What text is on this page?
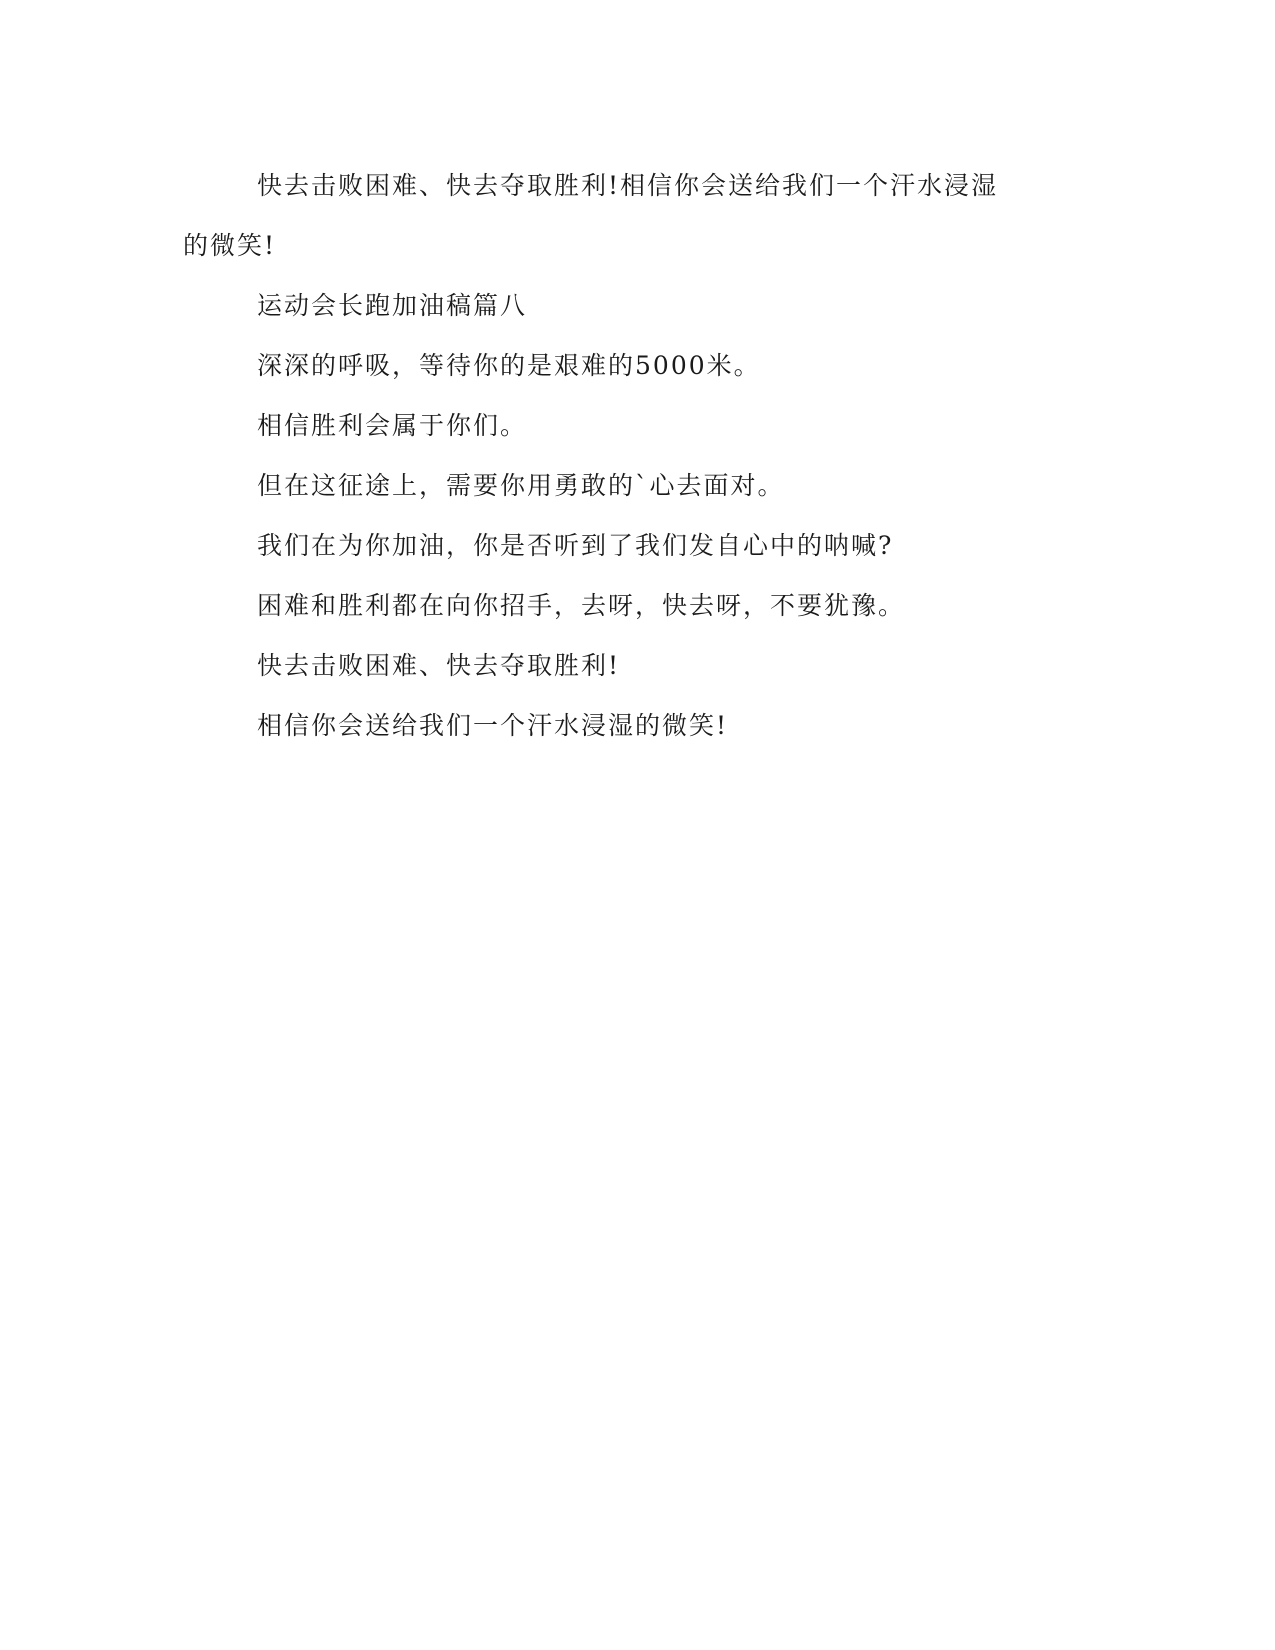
快去击败困难、快去夺取胜利!相信你会送给我们一个汗水浸湿

的微笑!

运动会长跑加油稿篇八

深深的呼吸，等待你的是艰难的5000米。

相信胜利会属于你们。

但在这征途上，需要你用勇敢的`心去面对。

我们在为你加油，你是否听到了我们发自心中的呐喊?

困难和胜利都在向你招手，去呀，快去呀，不要犹豫。

快去击败困难、快去夺取胜利!

相信你会送给我们一个汗水浸湿的微笑!
